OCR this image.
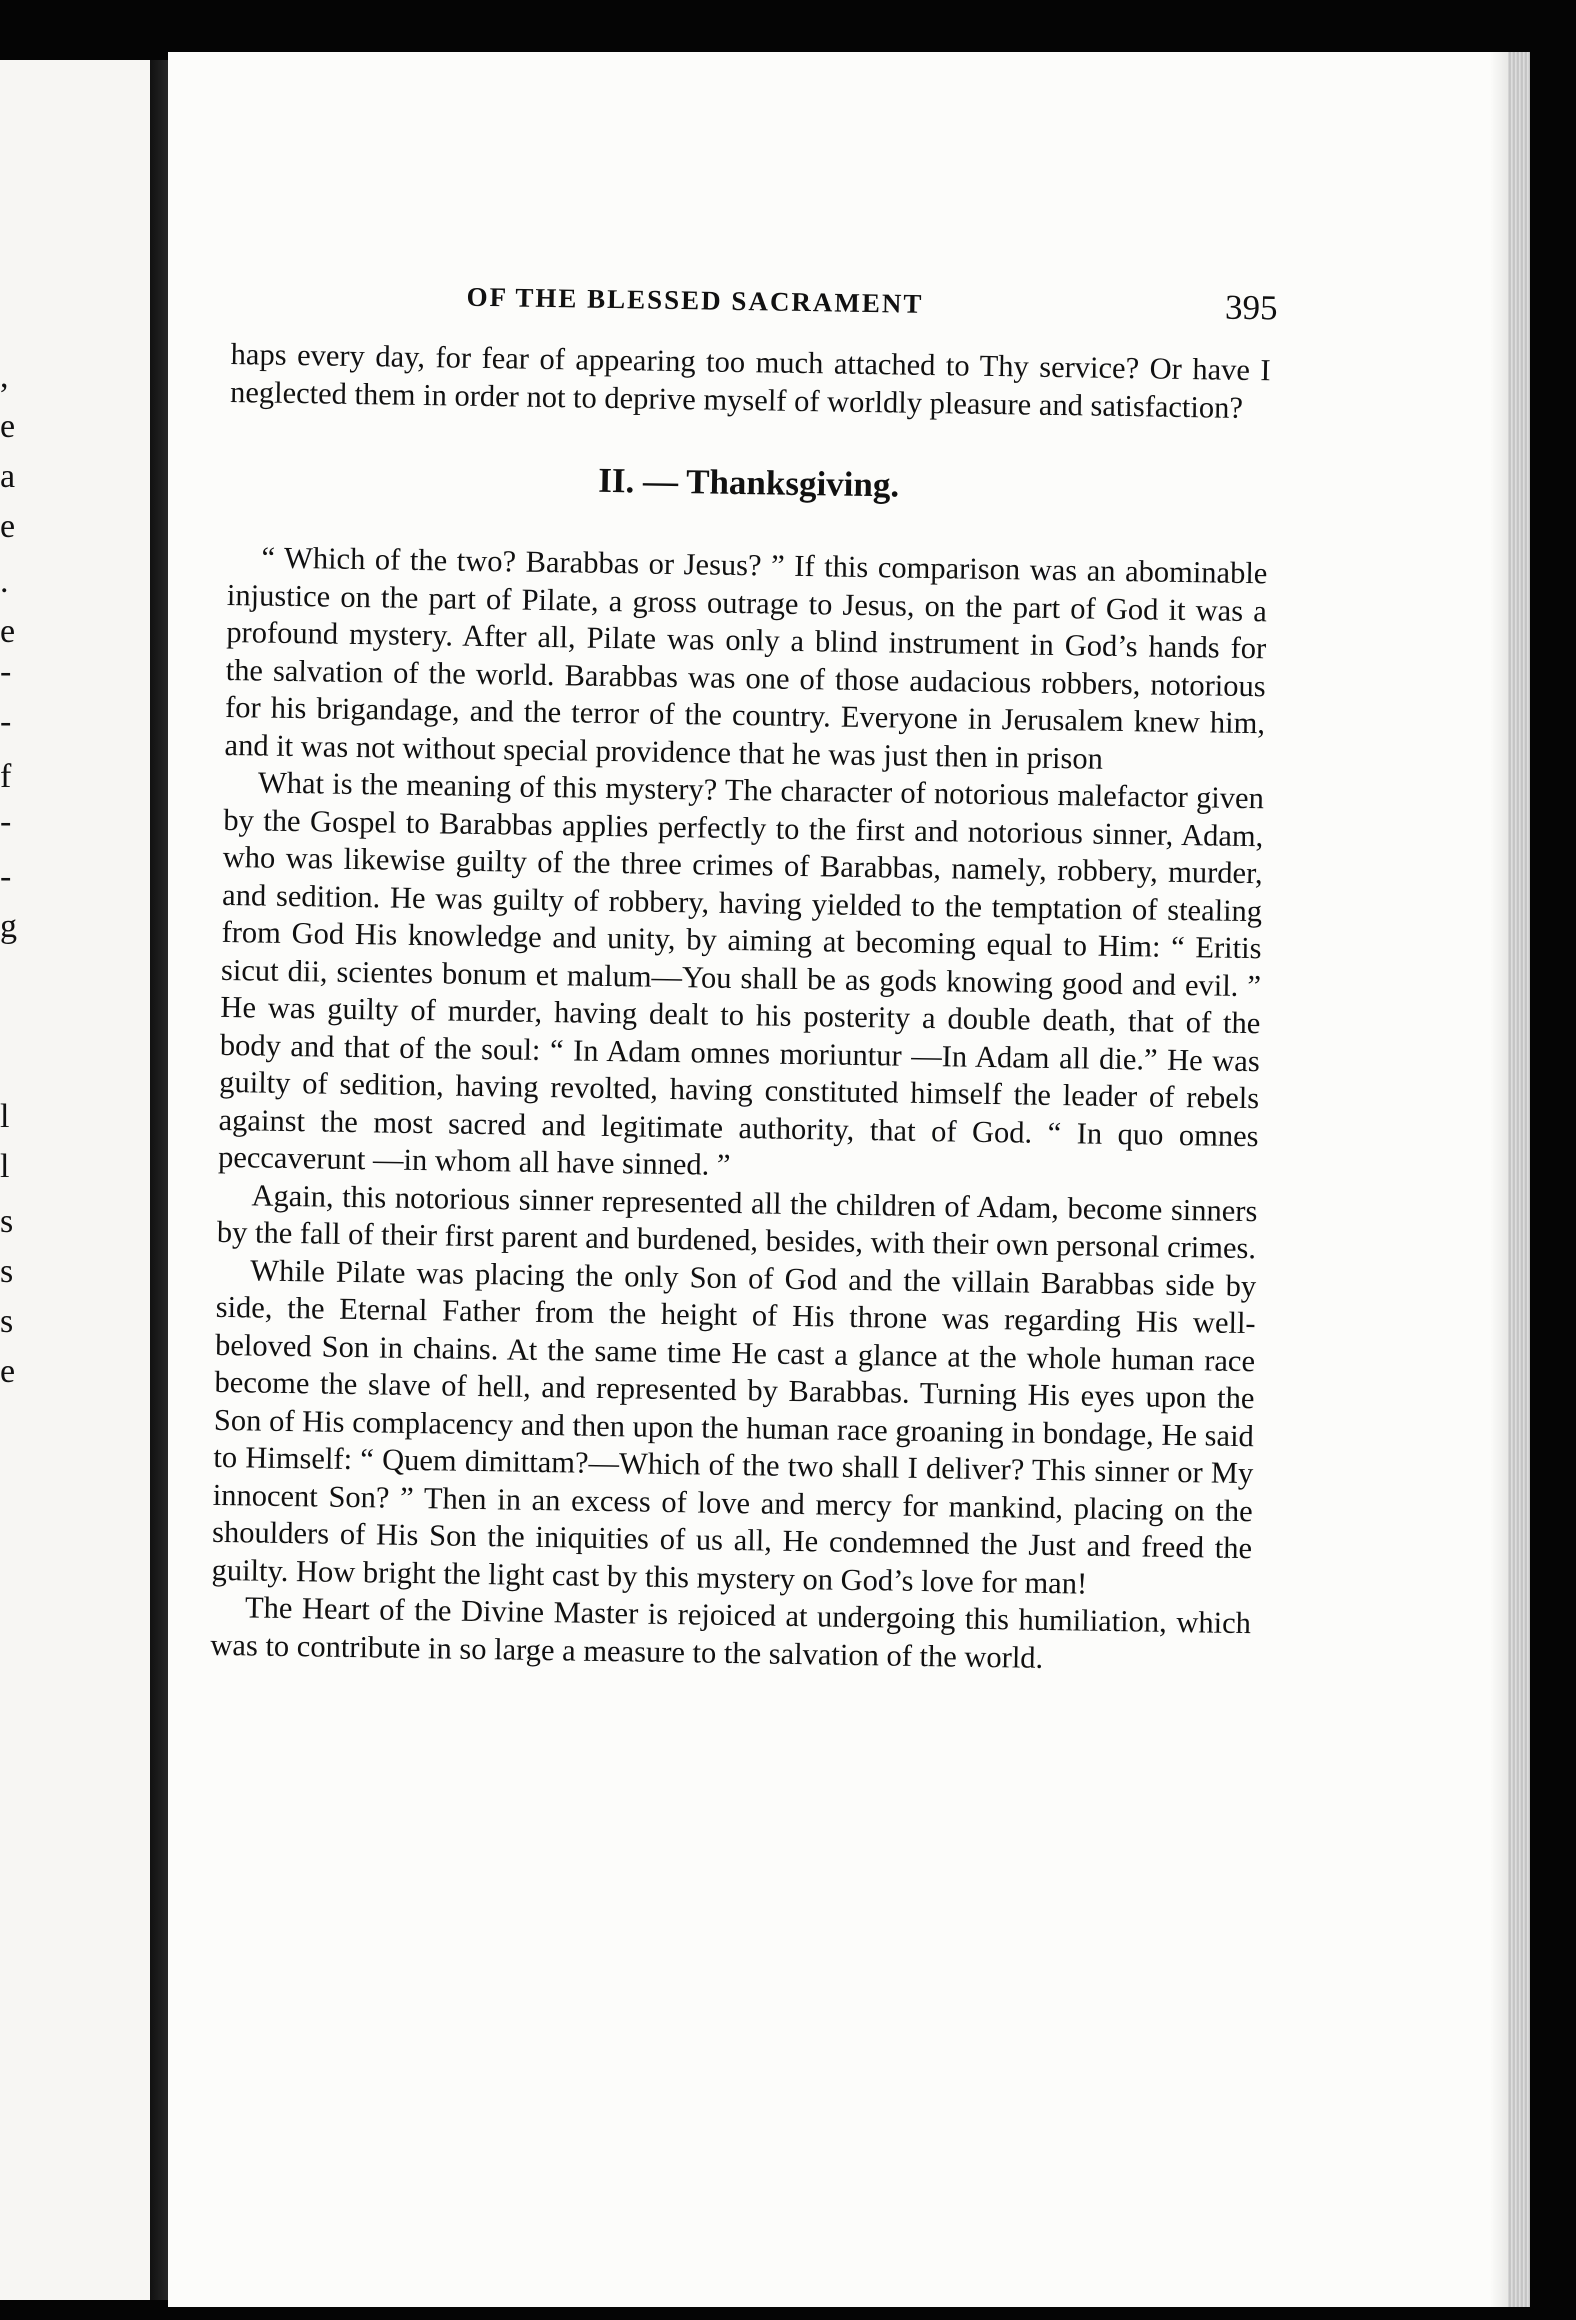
,
e
a
e
.
e
-
-
f
-
-
g
l
l
s
s
s
e
OF THE BLESSED SACRAMENT	395

haps every day, for fear of appearing too much attached to Thy service? Or have I neglected them in order not to deprive myself of worldly pleasure and satisfaction?

II. — Thanksgiving.

“ Which of the two? Barabbas or Jesus? ” If this comparison was an abominable injustice on the part of Pilate, a gross outrage to Jesus, on the part of God it was a profound mystery. After all, Pilate was only a blind instrument in God’s hands for the salvation of the world. Barabbas was one of those audacious robbers, notorious for his brigandage, and the terror of the country. Everyone in Jerusalem knew him, and it was not without special providence that he was just then in prison

What is the meaning of this mystery? The character of notorious malefactor given by the Gospel to Barabbas applies perfectly to the first and notorious sinner, Adam, who was likewise guilty of the three crimes of Barabbas, namely, robbery, murder, and sedition. He was guilty of robbery, having yielded to the temptation of stealing from God His knowledge and unity, by aiming at becoming equal to Him: “ Eritis sicut dii, scientes bonum et malum—You shall be as gods knowing good and evil. ” He was guilty of murder, having dealt to his posterity a double death, that of the body and that of the soul: “ In Adam omnes moriuntur —In Adam all die.” He was guilty of sedition, having revolted, having constituted himself the leader of rebels against the most sacred and legitimate authority, that of God. “ In quo omnes peccaverunt —in whom all have sinned. ”

Again, this notorious sinner represented all the children of Adam, become sinners by the fall of their first parent and burdened, besides, with their own personal crimes.

While Pilate was placing the only Son of God and the villain Barabbas side by side, the Eternal Father from the height of His throne was regarding His well-beloved Son in chains. At the same time He cast a glance at the whole human race become the slave of hell, and represented by Barabbas. Turning His eyes upon the Son of His complacency and then upon the human race groaning in bondage, He said to Himself: “ Quem dimittam?—Which of the two shall I deliver? This sinner or My innocent Son? ” Then in an excess of love and mercy for mankind, placing on the shoulders of His Son the iniquities of us all, He condemned the Just and freed the guilty. How bright the light cast by this mystery on God’s love for man!

The Heart of the Divine Master is rejoiced at undergoing this humiliation, which was to contribute in so large a measure to the salvation of the world.
